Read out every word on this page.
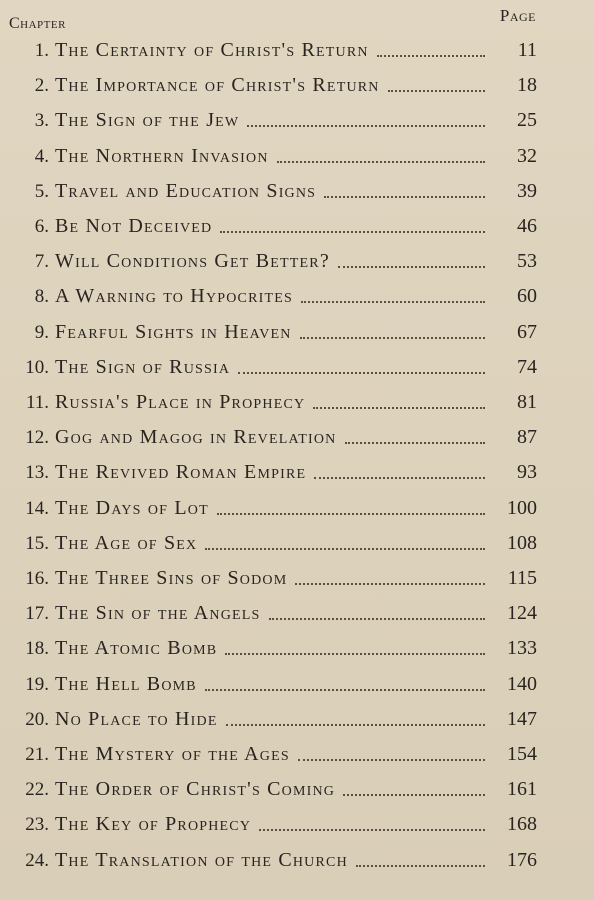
Chapter	Page
1. The Certainty of Christ's Return	11
2. The Importance of Christ's Return	18
3. The Sign of the Jew	25
4. The Northern Invasion	32
5. Travel and Education Signs	39
6. Be Not Deceived	46
7. Will Conditions Get Better?	53
8. A Warning to Hypocrites	60
9. Fearful Sights in Heaven	67
10. The Sign of Russia	74
11. Russia's Place in Prophecy	81
12. Gog and Magog in Revelation	87
13. The Revived Roman Empire	93
14. The Days of Lot	100
15. The Age of Sex	108
16. The Three Sins of Sodom	115
17. The Sin of the Angels	124
18. The Atomic Bomb	133
19. The Hell Bomb	140
20. No Place to Hide	147
21. The Mystery of the Ages	154
22. The Order of Christ's Coming	161
23. The Key of Prophecy	168
24. The Translation of the Church	176
